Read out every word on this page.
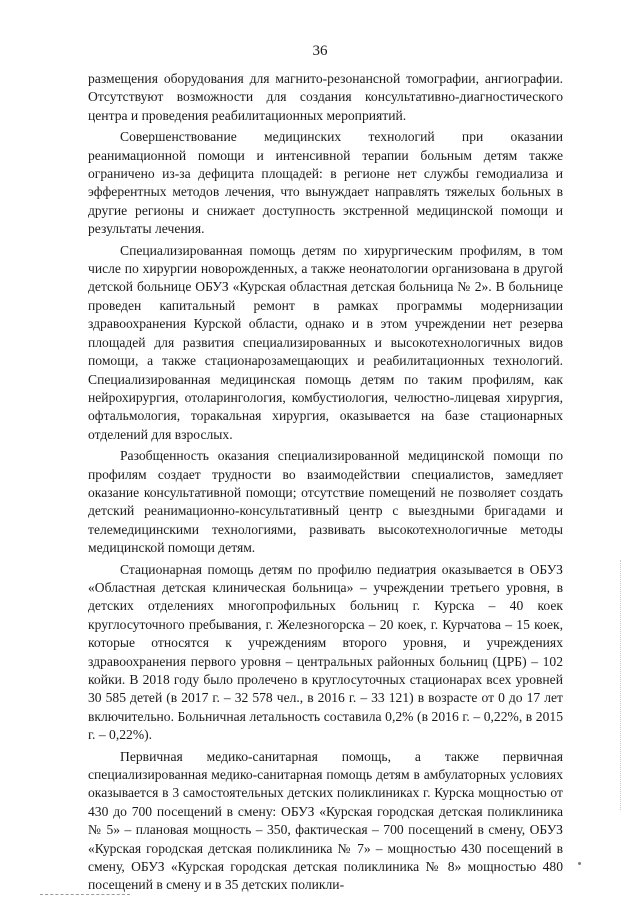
36

размещения оборудования для магнито-резонансной томографии, ангиографии. Отсутствуют возможности для создания консультативно-диагностического центра и проведения реабилитационных мероприятий.

Совершенствование медицинских технологий при оказании реанимационной помощи и интенсивной терапии больным детям также ограничено из-за дефицита площадей: в регионе нет службы гемодиализа и эфферентных методов лечения, что вынуждает направлять тяжелых больных в другие регионы и снижает доступность экстренной медицинской помощи и результаты лечения.

Специализированная помощь детям по хирургическим профилям, в том числе по хирургии новорожденных, а также неонатологии организована в другой детской больнице ОБУЗ «Курская областная детская больница № 2». В больнице проведен капитальный ремонт в рамках программы модернизации здравоохранения Курской области, однако и в этом учреждении нет резерва площадей для развития специализированных и высокотехнологичных видов помощи, а также стационарозамещающих и реабилитационных технологий. Специализированная медицинская помощь детям по таким профилям, как нейрохирургия, отоларингология, комбустиология, челюстно-лицевая хирургия, офтальмология, торакальная хирургия, оказывается на базе стационарных отделений для взрослых.

Разобщенность оказания специализированной медицинской помощи по профилям создает трудности во взаимодействии специалистов, замедляет оказание консультативной помощи; отсутствие помещений не позволяет создать детский реанимационно-консультативный центр с выездными бригадами и телемедицинскими технологиями, развивать высокотехнологичные методы медицинской помощи детям.

Стационарная помощь детям по профилю педиатрия оказывается в ОБУЗ «Областная детская клиническая больница» – учреждении третьего уровня, в детских отделениях многопрофильных больниц г. Курска – 40 коек круглосуточного пребывания, г. Железногорска – 20 коек, г. Курчатова – 15 коек, которые относятся к учреждениям второго уровня, и учреждениях здравоохранения первого уровня – центральных районных больниц (ЦРБ) – 102 койки. В 2018 году было пролечено в круглосуточных стационарах всех уровней 30 585 детей (в 2017 г. – 32 578 чел., в 2016 г. – 33 121) в возрасте от 0 до 17 лет включительно. Больничная летальность составила 0,2% (в 2016 г. – 0,22%, в 2015 г. – 0,22%).

Первичная медико-санитарная помощь, а также первичная специализированная медико-санитарная помощь детям в амбулаторных условиях оказывается в 3 самостоятельных детских поликлиниках г. Курска мощностью от 430 до 700 посещений в смену: ОБУЗ «Курская городская детская поликлиника № 5» – плановая мощность – 350, фактическая – 700 посещений в смену, ОБУЗ «Курская городская детская поликлиника № 7» – мощностью 430 посещений в смену, ОБУЗ «Курская городская детская поликлиника № 8» мощностью 480 посещений в смену и в 35 детских поликли-
